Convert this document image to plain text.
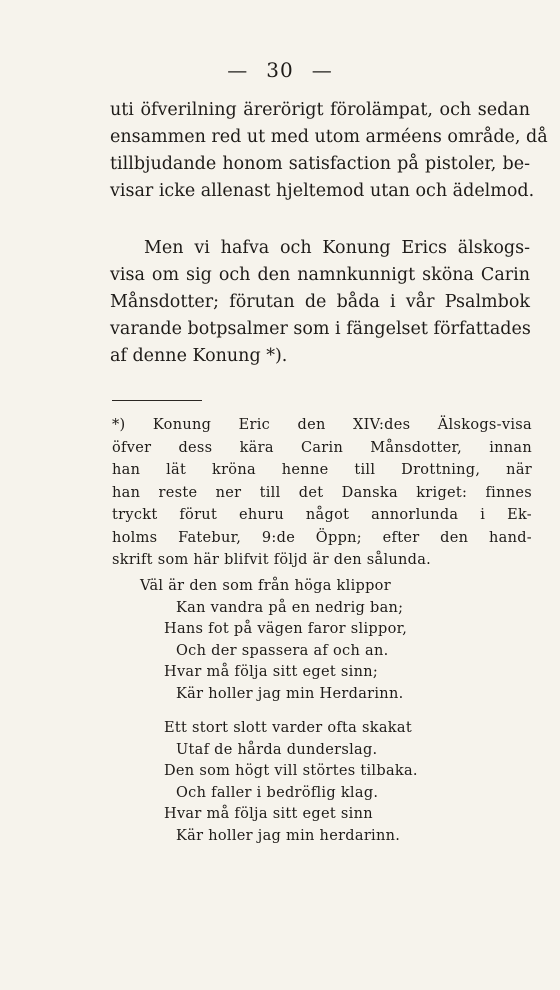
— 30 —
uti öfverilning ärerörigt förolämpat, och sedan
ensammen red ut med utom arméens område, då
tillbjudande honom satisfaction på pistoler, be-
visar icke allenast hjeltemod utan och ädelmod.
Men vi hafva och Konung Erics älskogs-
visa om sig och den namnkunnigt sköna Carin
Månsdotter; förutan de båda i vår Psalmbok
varande botpsalmer som i fängelset författades
af denne Konung *).
*) Konung Eric den XIV:des Älskogs-visa
öfver dess kära Carin Månsdotter, innan
han lät kröna henne till Drottning, när
han reste ner till det Danska kriget: finnes
tryckt förut ehuru något annorlunda i Ek-
holms Fatebur, 9:de Öppn; efter den hand-
skrift som här blifvit följd är den sålunda.
Väl är den som från höga klippor
Kan vandra på en nedrig ban;
Hans fot på vägen faror slippor,
Och der spassera af och an.
Hvar må följa sitt eget sinn;
Kär holler jag min Herdarinn.
Ett stort slott varder ofta skakat
Utaf de hårda dunderslag.
Den som högt vill störtes tilbaka.
Och faller i bedröflig klag.
Hvar må följa sitt eget sinn
Kär holler jag min herdarinn.
